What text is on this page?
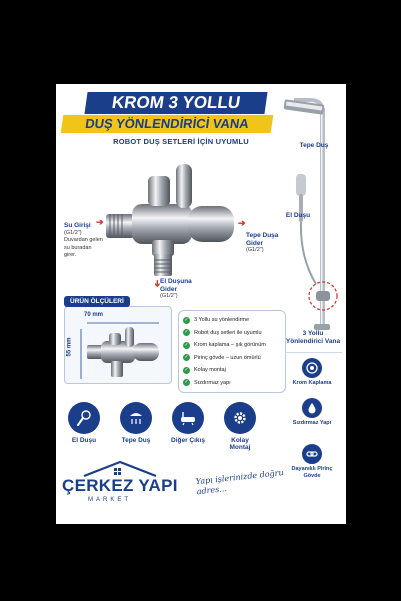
KROM 3 YOLLU
DUŞ YÖNLENDİRİCİ VANA
ROBOT DUŞ SETLERİ İÇİN UYUMLU
➔
Su Girişi
(G1/2")
Duvardan gelen su buradan girer.
➔
El Duşuna Gider
(G1/2")
➔
Tepe Duşa Gider
(G1/2")
Tepe Duş
El Duşu
3 Yollu Yönlendirici Vana
Krom Kaplama
Sızdırmaz Yapı
Dayanıklı Pirinç Gövde
ÜRÜN ÖLÇÜLERİ
70 mm
55 mm
✓ 3 Yollu su yönlendirme
✓ Robot duş setleri ile uyumlu
✓ Krom kaplama – şık görünüm
✓ Pirinç gövde – uzun ömürlü
✓ Kolay montaj
✓ Sızdırmaz yapı
El Duşu	Tepe Duş	Diğer Çıkış	Kolay Montaj
ÇERKEZ YAPI
MARKET
Yapı işlerinizde doğru adres...
